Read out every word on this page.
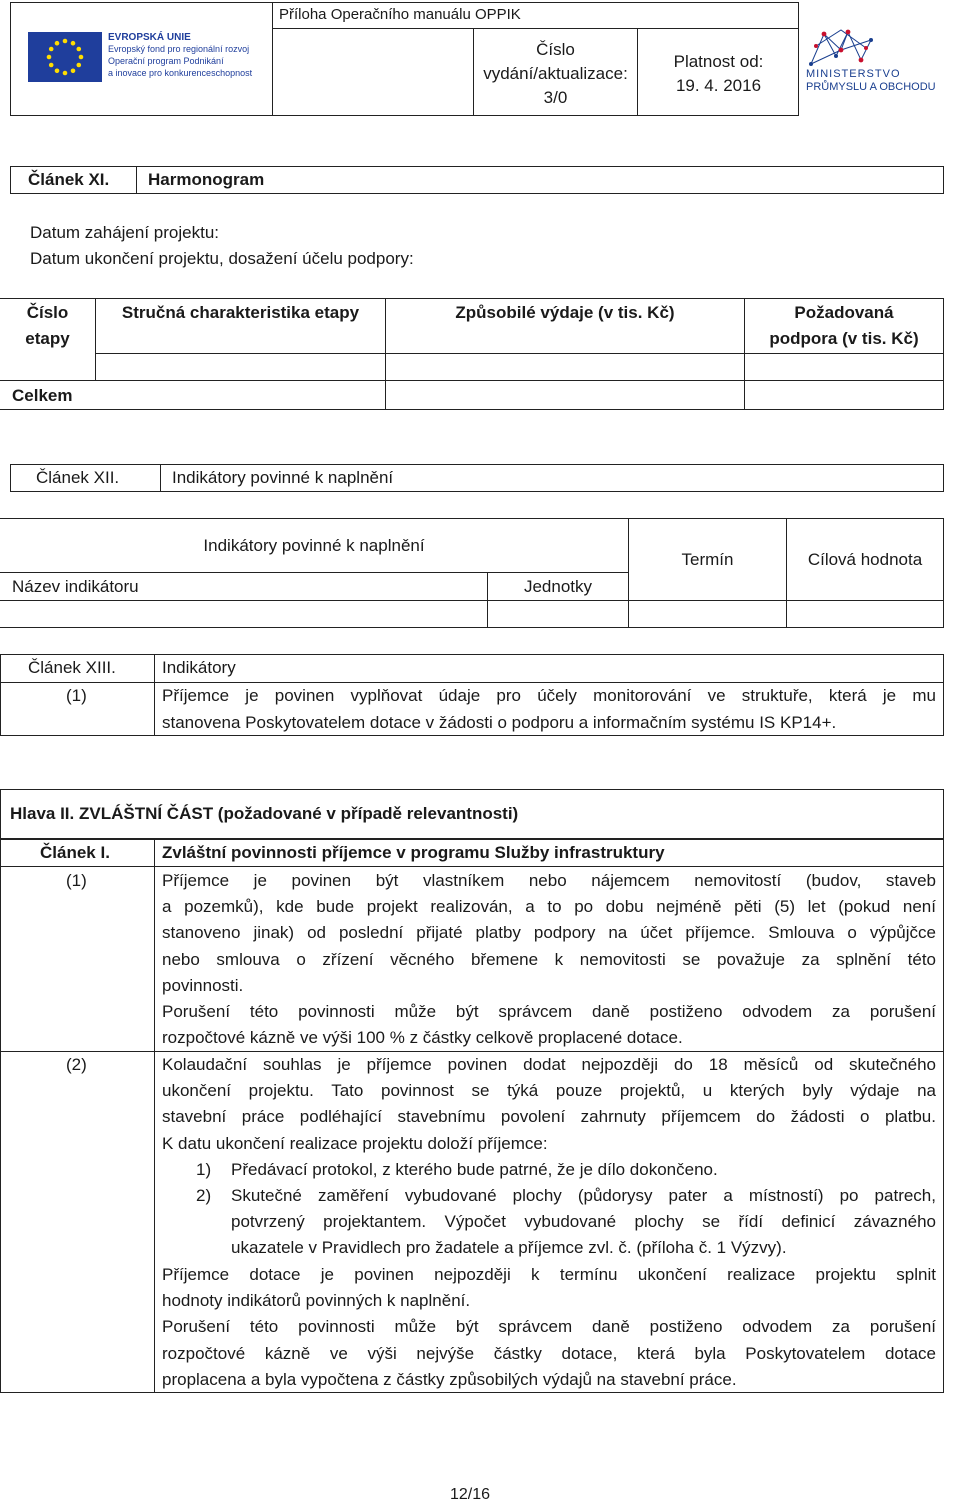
EVROPSKÁ UNIE
Evropský fond pro regionální rozvoj
Operační program Podnikání
a inovace pro konkurenceschopnost
Příloha Operačního manuálu OPPIK
Číslo
vydání/aktualizace:
3/0
Platnost od:
19. 4. 2016
MINISTERSTVO
PRŮMYSLU A OBCHODU
Článek XI. Harmonogram
Datum zahájení projektu:
Datum ukončení projektu, dosažení účelu podpory:
Číslo
etapy
Stručná charakteristika etapy	Způsobilé výdaje (v tis. Kč)	Požadovaná
podpora (v tis. Kč)
Celkem
Článek XII.	Indikátory povinné k naplnění
Indikátory povinné k naplnění
Název indikátoru	Jednotky
Termín	Cílová hodnota
Článek XIII.	Indikátory
(1)	Příjemce je povinen vyplňovat údaje pro účely monitorování ve struktuře, která je mu
stanovena Poskytovatelem dotace v žádosti o podporu a informačním systému IS KP14+.
Hlava II. ZVLÁŠTNÍ ČÁST (požadované v případě relevantnosti)
Článek I.	Zvláštní povinnosti příjemce v programu Služby infrastruktury
(1)	Příjemce je povinen být vlastníkem nebo nájemcem nemovitostí (budov, staveb
a pozemků), kde bude projekt realizován, a to po dobu nejméně pěti (5) let (pokud není
stanoveno jinak) od poslední přijaté platby podpory na účet příjemce. Smlouva o výpůjčce
nebo smlouva o zřízení věcného břemene k nemovitosti se považuje za splnění této
povinnosti.
Porušení této povinnosti může být správcem daně postiženo odvodem za porušení
rozpočtové kázně ve výši 100 % z částky celkově proplacené dotace.
(2)	Kolaudační souhlas je příjemce povinen dodat nejpozději do 18 měsíců od skutečného
ukončení projektu. Tato povinnost se týká pouze projektů, u kterých byly výdaje na
stavební práce podléhající stavebnímu povolení zahrnuty příjemcem do žádosti o platbu.
K datu ukončení realizace projektu doloží příjemce:
1) Předávací protokol, z kterého bude patrné, že je dílo dokončeno.
2) Skutečné zaměření vybudované plochy (půdorysy pater a místností) po patrech,
potvrzený projektantem. Výpočet vybudované plochy se řídí definicí závazného
ukazatele v Pravidlech pro žadatele a příjemce zvl. č. (příloha č. 1 Výzvy).
Příjemce dotace je povinen nejpozději k termínu ukončení realizace projektu splnit
hodnoty indikátorů povinných k naplnění.
Porušení této povinnosti může být správcem daně postiženo odvodem za porušení
rozpočtové kázně ve výši nejvýše částky dotace, která byla Poskytovatelem dotace
proplacena a byla vypočtena z částky způsobilých výdajů na stavební práce.
12/16
